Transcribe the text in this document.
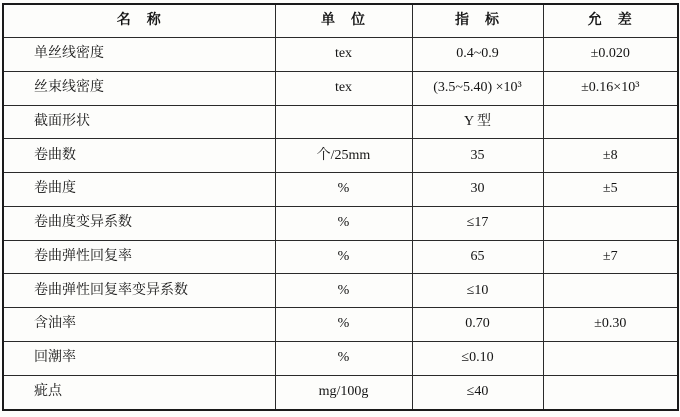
名　称	单　位	指　标	允　差
单丝线密度	tex	0.4~0.9	±0.020
丝束线密度	tex	(3.5~5.40) ×10³	±0.16×10³
截面形状		Y 型	
卷曲数	个/25mm	35	±8
卷曲度	%	30	±5
卷曲度变异系数	%	≤17	
卷曲弹性回复率	%	65	±7
卷曲弹性回复率变异系数	%	≤10	
含油率	%	0.70	±0.30
回潮率	%	≤0.10	
疵点	mg/100g	≤40	
